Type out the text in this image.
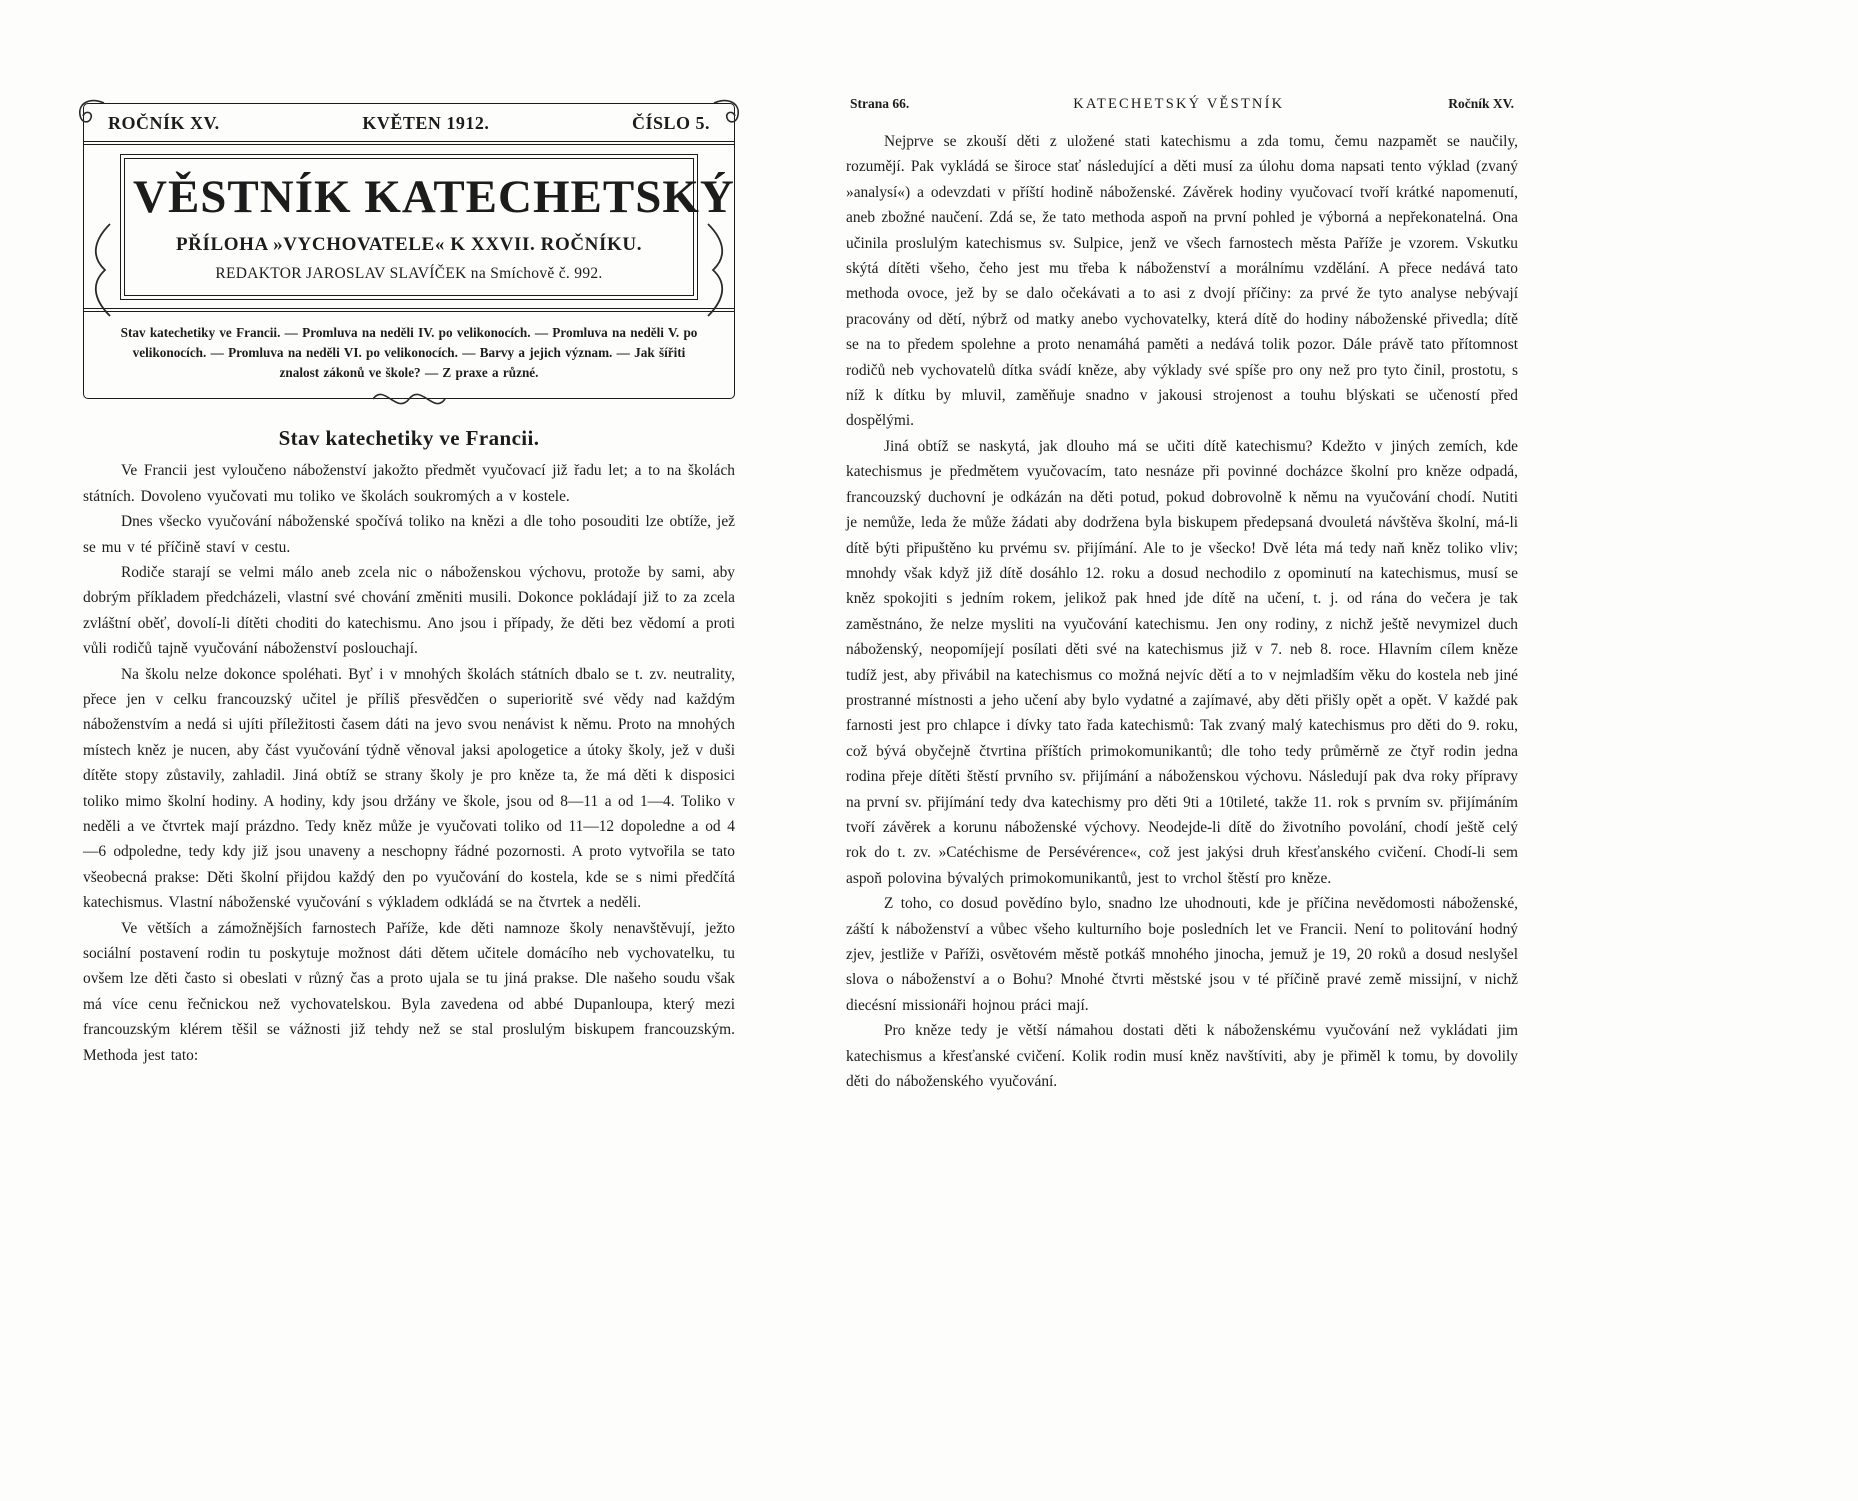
ROČNÍK XV.	KVĚTEN 1912.	ČÍSLO 5.
VĚSTNÍK KATECHETSKÝ
PŘÍLOHA »VYCHOVATELE« K XXVII. ROČNÍKU.
REDAKTOR JAROSLAV SLAVÍČEK na Smíchově č. 992.
Stav katechetiky ve Francii. — Promluva na neděli IV. po velikonocích. — Promluva na neděli V. po velikonocích. — Promluva na neděli VI. po velikonocích. — Barvy a jejich význam. — Jak šířiti znalost zákonů ve škole? — Z praxe a různé.
Stav katechetiky ve Francii.

Ve Francii jest vyloučeno náboženství jakožto předmět vyučovací již řadu let; a to na školách státních. Dovoleno vyučovati mu toliko ve školách soukromých a v kostele.

Dnes všecko vyučování náboženské spočívá toliko na knězi a dle toho posouditi lze obtíže, jež se mu v té příčině staví v cestu.

Rodiče starají se velmi málo aneb zcela nic o náboženskou výchovu, protože by sami, aby dobrým příkladem předcházeli, vlastní své chování změniti musili. Dokonce pokládají již to za zcela zvláštní oběť, dovolí-li dítěti choditi do katechismu. Ano jsou i případy, že děti bez vědomí a proti vůli rodičů tajně vyučování náboženství poslouchají.

Na školu nelze dokonce spoléhati. Byť i v mnohých školách státních dbalo se t. zv. neutrality, přece jen v celku francouzský učitel je příliš přesvědčen o superioritě své vědy nad každým náboženstvím a nedá si ujíti příležitosti časem dáti na jevo svou nenávist k němu. Proto na mnohých místech kněz je nucen, aby část vyučování týdně věnoval jaksi apologetice a útoky školy, jež v duši dítěte stopy zůstavily, zahladil. Jiná obtíž se strany školy je pro kněze ta, že má děti k disposici toliko mimo školní hodiny. A hodiny, kdy jsou držány ve škole, jsou od 8—11 a od 1—4. Toliko v neděli a ve čtvrtek mají prázdno. Tedy kněz může je vyučovati toliko od 11—12 dopoledne a od 4—6 odpoledne, tedy kdy již jsou unaveny a neschopny řádné pozornosti. A proto vytvořila se tato všeobecná prakse: Děti školní přijdou každý den po vyučování do kostela, kde se s nimi předčítá katechismus. Vlastní náboženské vyučování s výkladem odkládá se na čtvrtek a neděli.

Ve větších a zámožnějších farnostech Paříže, kde děti namnoze školy nenavštěvují, ježto sociální postavení rodin tu poskytuje možnost dáti dětem učitele domácího neb vychovatelku, tu ovšem lze děti často si obeslati v různý čas a proto ujala se tu jiná prakse. Dle našeho soudu však má více cenu řečnickou než vychovatelskou. Byla zavedena od abbé Dupanloupa, který mezi francouzským klérem těšil se vážnosti již tehdy než se stal proslulým biskupem francouzským. Methoda jest tato:

Strana 66.	KATECHETSKÝ VĚSTNÍK	Ročník XV.

Nejprve se zkouší děti z uložené stati katechismu a zda tomu, čemu nazpamět se naučily, rozumějí. Pak vykládá se široce stať následující a děti musí za úlohu doma napsati tento výklad (zvaný »analysí«) a odevzdati v příští hodině náboženské. Závěrek hodiny vyučovací tvoří krátké napomenutí, aneb zbožné naučení. Zdá se, že tato methoda aspoň na první pohled je výborná a nepřekonatelná. Ona učinila proslulým katechismus sv. Sulpice, jenž ve všech farnostech města Paříže je vzorem. Vskutku skýtá dítěti všeho, čeho jest mu třeba k náboženství a morálnímu vzdělání. A přece nedává tato methoda ovoce, jež by se dalo očekávati a to asi z dvojí příčiny: za prvé že tyto analyse nebývají pracovány od dětí, nýbrž od matky anebo vychovatelky, která dítě do hodiny náboženské přivedla; dítě se na to předem spolehne a proto nenamáhá paměti a nedává tolik pozor. Dále právě tato přítomnost rodičů neb vychovatelů dítka svádí kněze, aby výklady své spíše pro ony než pro tyto činil, prostotu, s níž k dítku by mluvil, zaměňuje snadno v jakousi strojenost a touhu blýskati se učeností před dospělými.

Jiná obtíž se naskytá, jak dlouho má se učiti dítě katechismu? Kdežto v jiných zemích, kde katechismus je předmětem vyučovacím, tato nesnáze při povinné docházce školní pro kněze odpadá, francouzský duchovní je odkázán na děti potud, pokud dobrovolně k němu na vyučování chodí. Nutiti je nemůže, leda že může žádati aby dodržena byla biskupem předepsaná dvouletá návštěva školní, má-li dítě býti připuštěno ku prvému sv. přijímání. Ale to je všecko! Dvě léta má tedy naň kněz toliko vliv; mnohdy však když již dítě dosáhlo 12. roku a dosud nechodilo z opominutí na katechismus, musí se kněz spokojiti s jedním rokem, jelikož pak hned jde dítě na učení, t. j. od rána do večera je tak zaměstnáno, že nelze mysliti na vyučování katechismu. Jen ony rodiny, z nichž ještě nevymizel duch náboženský, neopomíjejí posílati děti své na katechismus již v 7. neb 8. roce. Hlavním cílem kněze tudíž jest, aby přivábil na katechismus co možná nejvíc dětí a to v nejmladším věku do kostela neb jiné prostranné místnosti a jeho učení aby bylo vydatné a zajímavé, aby děti přišly opět a opět. V každé pak farnosti jest pro chlapce i dívky tato řada katechismů: Tak zvaný malý katechismus pro děti do 9. roku, což bývá obyčejně čtvrtina příštích primokomunikantů; dle toho tedy průměrně ze čtyř rodin jedna rodina přeje dítěti štěstí prvního sv. přijímání a náboženskou výchovu. Následují pak dva roky přípravy na první sv. přijímání tedy dva katechismy pro děti 9ti a 10tileté, takže 11. rok s prvním sv. přijímáním tvoří závěrek a korunu náboženské výchovy. Neodejde-li dítě do životního povolání, chodí ještě celý rok do t. zv. »Catéchisme de Persévérence«, což jest jakýsi druh křesťanského cvičení. Chodí-li sem aspoň polovina bývalých primokomunikantů, jest to vrchol štěstí pro kněze.

Z toho, co dosud povědíno bylo, snadno lze uhodnouti, kde je příčina nevědomosti náboženské, záští k náboženství a vůbec všeho kulturního boje posledních let ve Francii. Není to politování hodný zjev, jestliže v Paříži, osvětovém městě potkáš mnohého jinocha, jemuž je 19, 20 roků a dosud neslyšel slova o náboženství a o Bohu? Mnohé čtvrti městské jsou v té příčině pravé země missijní, v nichž diecésní missionáři hojnou práci mají.

Pro kněze tedy je větší námahou dostati děti k náboženskému vyučování než vykládati jim katechismus a křesťanské cvičení. Kolik rodin musí kněz navštíviti, aby je přiměl k tomu, by dovolily děti do náboženského vyučování.
